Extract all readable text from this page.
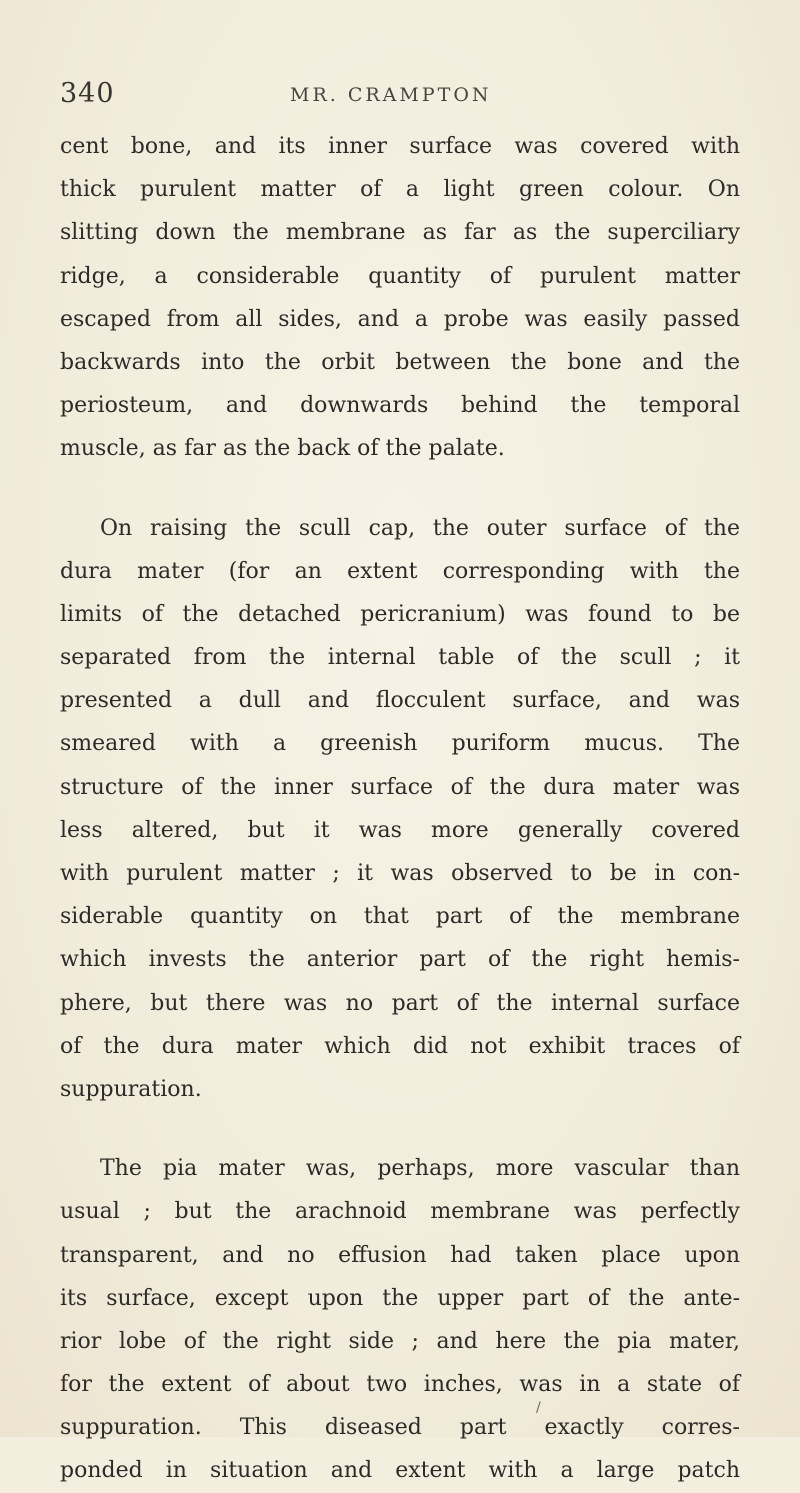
340	MR. CRAMPTON
cent bone, and its inner surface was covered with
thick purulent matter of a light green colour. On
slitting down the membrane as far as the superciliary
ridge, a considerable quantity of purulent matter
escaped from all sides, and a probe was easily passed
backwards into the orbit between the bone and the
periosteum, and downwards behind the temporal
muscle, as far as the back of the palate.
On raising the scull cap, the outer surface of the
dura mater (for an extent corresponding with the
limits of the detached pericranium) was found to be
separated from the internal table of the scull ; it
presented a dull and flocculent surface, and was
smeared with a greenish puriform mucus. The
structure of the inner surface of the dura mater was
less altered, but it was more generally covered
with purulent matter ; it was observed to be in con-
siderable quantity on that part of the membrane
which invests the anterior part of the right hemis-
phere, but there was no part of the internal surface
of the dura mater which did not exhibit traces of
suppuration.
The pia mater was, perhaps, more vascular than
usual ; but the arachnoid membrane was perfectly
transparent, and no effusion had taken place upon
its surface, except upon the upper part of the ante-
rior lobe of the right side ; and here the pia mater,
for the extent of about two inches, was in a state of
suppuration. This diseased part exactly corres-
ponded in situation and extent with a large patch
/
